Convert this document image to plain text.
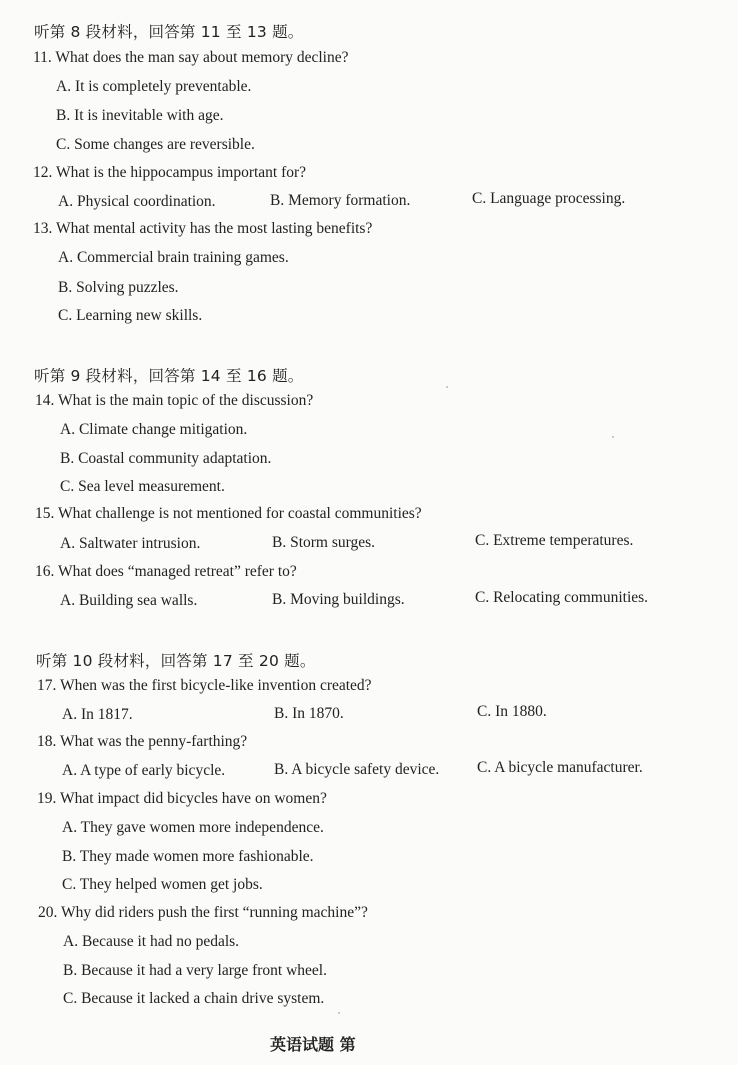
听第 8 段材料，回答第 11 至 13 题。
11. What does the man say about memory decline?
A. It is completely preventable.
B. It is inevitable with age.
C. Some changes are reversible.
12. What is the hippocampus important for?
A. Physical coordination.	B. Memory formation.	C. Language processing.
13. What mental activity has the most lasting benefits?
A. Commercial brain training games.
B. Solving puzzles.
C. Learning new skills.
听第 9 段材料，回答第 14 至 16 题。
14. What is the main topic of the discussion?
A. Climate change mitigation.
B. Coastal community adaptation.
C. Sea level measurement.
15. What challenge is not mentioned for coastal communities?
A. Saltwater intrusion.	B. Storm surges.	C. Extreme temperatures.
16. What does “managed retreat” refer to?
A. Building sea walls.	B. Moving buildings.	C. Relocating communities.
听第 10 段材料，回答第 17 至 20 题。
17. When was the first bicycle-like invention created?
A. In 1817.	B. In 1870.	C. In 1880.
18. What was the penny-farthing?
A. A type of early bicycle.	B. A bicycle safety device. C. A bicycle manufacturer.
19. What impact did bicycles have on women?
A. They gave women more independence.
B. They made women more fashionable.
C. They helped women get jobs.
20. Why did riders push the first “running machine”?
A. Because it had no pedals.
B. Because it had a very large front wheel.
C. Because it lacked a chain drive system.
英语试题 第
